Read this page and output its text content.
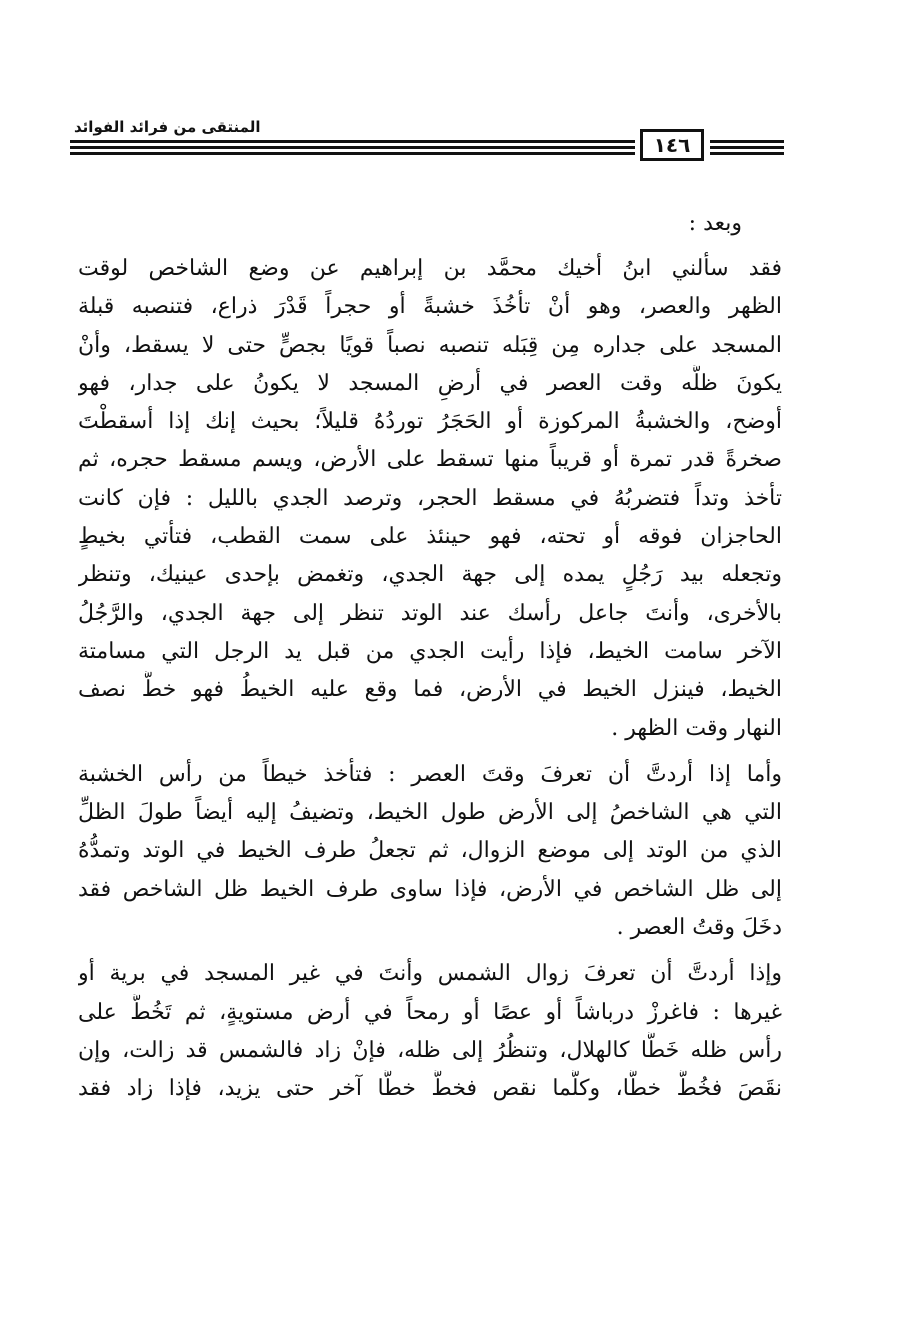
المنتقى من فرائد الفوائد
١٤٦
وبعد :
فقد سألني ابنُ أخيك محمَّد بن إبراهيم عن وضع الشاخص لوقت
الظهر والعصر، وهو أنْ تأخُذَ خشبةً أو حجراً قَدْرَ ذراع، فتنصبه قبلة
المسجد على جداره مِن قِبَله تنصبه نصباً قويًا بجصٍّ حتى لا يسقط، وأنْ
يكونَ ظلُّه وقت العصر في أرضِ المسجد لا يكونُ على جدار، فهو
أوضح، والخشبةُ المركوزة أو الحَجَرُ توردُهُ قليلاً؛ بحيث إنك إذا أسقطْتَ
صخرةً قدر تمرة أو قريباً منها تسقط على الأرض، ويسم مسقط حجره، ثم
تأخذ وتداً فتضربُهُ في مسقط الحجر، وترصد الجدي بالليل : فإن كانت
الحاجزان فوقه أو تحته، فهو حينئذ على سمت القطب، فتأتي بخيطٍ
وتجعله بيد رَجُلٍ يمده إلى جهة الجدي، وتغمض بإحدى عينيك، وتنظر
بالأخرى، وأنتَ جاعل رأسك عند الوتد تنظر إلى جهة الجدي، والرَّجُلُ
الآخر سامت الخيط، فإذا رأيت الجدي من قبل يد الرجل التي مسامتة
الخيط، فينزل الخيط في الأرض، فما وقع عليه الخيطُ فهو خطُّ نصف
النهار وقت الظهر .
وأما إذا أردتَّ أن تعرفَ وقتَ العصر : فتأخذ خيطاً من رأس الخشبة
التي هي الشاخصُ إلى الأرض طول الخيط، وتضيفُ إليه أيضاً طولَ الظلِّ
الذي من الوتد إلى موضع الزوال، ثم تجعلُ طرف الخيط في الوتد وتمدُّهُ
إلى ظل الشاخص في الأرض، فإذا ساوى طرف الخيط ظل الشاخص فقد
دخَلَ وقتُ العصر .
وإذا أردتَّ أن تعرفَ زوال الشمس وأنتَ في غير المسجد في برية أو
غيرها : فاغرزْ درباشاً أو عصًا أو رمحاً في أرض مستويةٍ، ثم تَخُطُّ على
رأس ظله خَطًّا كالهلال، وتنظُرُ إلى ظله، فإنْ زاد فالشمس قد زالت، وإن
نقَصَ فخُطَّ خطًّا، وكلَّما نقص فخطَّ خطًّا آخر حتى يزيد، فإذا زاد فقد
